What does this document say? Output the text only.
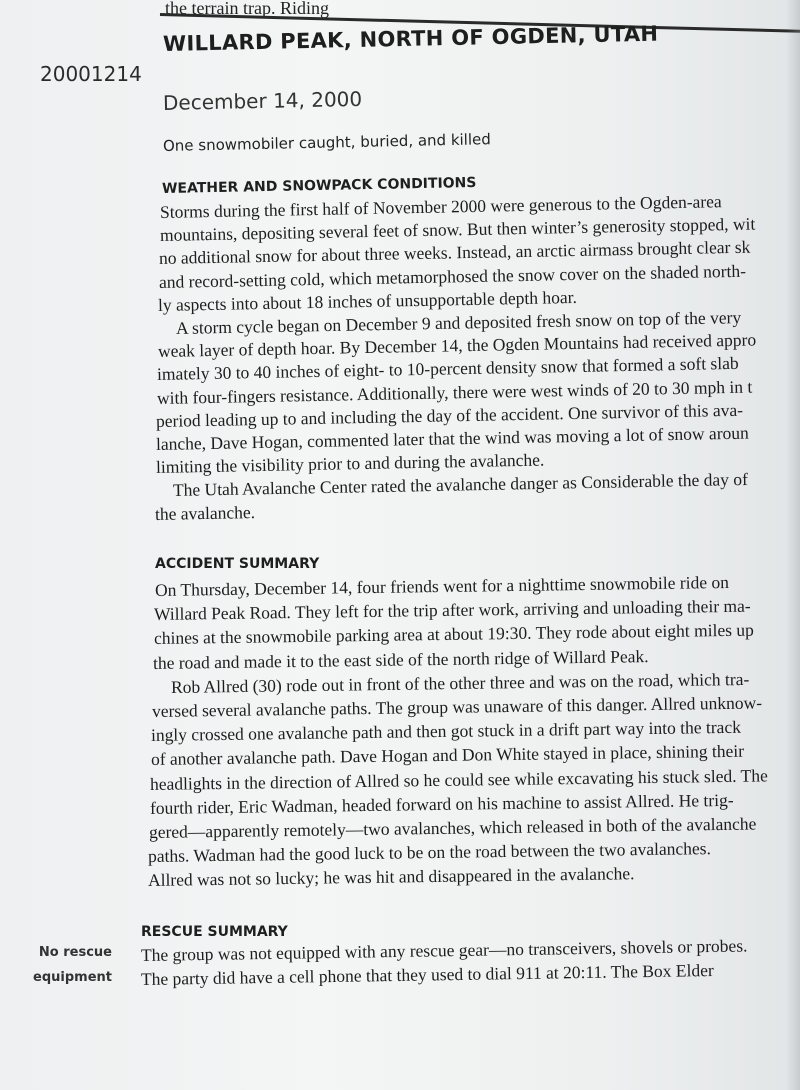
the terrain trap. Riding
20001214
WILLARD PEAK, NORTH OF OGDEN, UTAH
December 14, 2000
One snowmobiler caught, buried, and killed
WEATHER AND SNOWPACK CONDITIONS
Storms during the first half of November 2000 were generous to the Ogden-area
mountains, depositing several feet of snow. But then winter’s generosity stopped, wit
no additional snow for about three weeks. Instead, an arctic airmass brought clear sk
and record-setting cold, which metamorphosed the snow cover on the shaded north-
ly aspects into about 18 inches of unsupportable depth hoar.
A storm cycle began on December 9 and deposited fresh snow on top of the very
weak layer of depth hoar. By December 14, the Ogden Mountains had received appro
imately 30 to 40 inches of eight- to 10-percent density snow that formed a soft slab
with four-fingers resistance. Additionally, there were west winds of 20 to 30 mph in t
period leading up to and including the day of the accident. One survivor of this ava-
lanche, Dave Hogan, commented later that the wind was moving a lot of snow aroun
limiting the visibility prior to and during the avalanche.
The Utah Avalanche Center rated the avalanche danger as Considerable the day of
the avalanche.
ACCIDENT SUMMARY
On Thursday, December 14, four friends went for a nighttime snowmobile ride on
Willard Peak Road. They left for the trip after work, arriving and unloading their ma-
chines at the snowmobile parking area at about 19:30. They rode about eight miles up
the road and made it to the east side of the north ridge of Willard Peak.
Rob Allred (30) rode out in front of the other three and was on the road, which tra-
versed several avalanche paths. The group was unaware of this danger. Allred unknow-
ingly crossed one avalanche path and then got stuck in a drift part way into the track
of another avalanche path. Dave Hogan and Don White stayed in place, shining their
headlights in the direction of Allred so he could see while excavating his stuck sled. The
fourth rider, Eric Wadman, headed forward on his machine to assist Allred. He trig-
gered—apparently remotely—two avalanches, which released in both of the avalanche
paths. Wadman had the good luck to be on the road between the two avalanches.
Allred was not so lucky; he was hit and disappeared in the avalanche.
RESCUE SUMMARY
The group was not equipped with any rescue gear—no transceivers, shovels or probes.
The party did have a cell phone that they used to dial 911 at 20:11. The Box Elder
No rescue
equipment
